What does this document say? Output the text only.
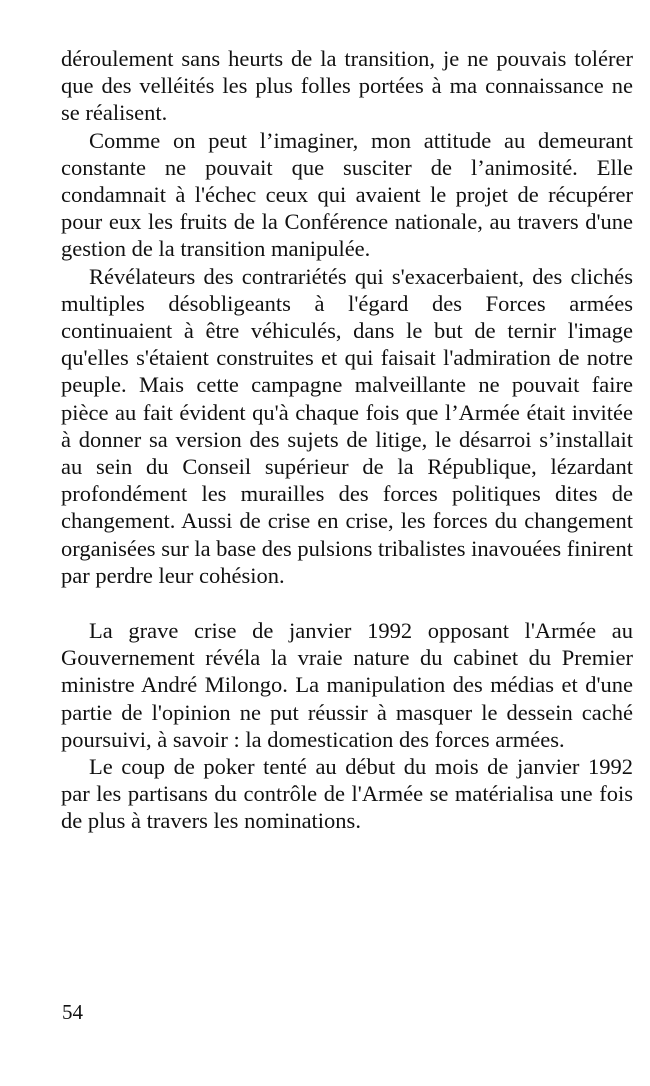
déroulement sans heurts de la transition, je ne pouvais tolérer que des velléités les plus folles portées à ma connaissance ne se réalisent.

Comme on peut l’imaginer, mon attitude au demeurant constante ne pouvait que susciter de l’animosité. Elle condamnait à l'échec ceux qui avaient le projet de récupérer pour eux les fruits de la Conférence nationale, au travers d'une gestion de la transition manipulée.

Révélateurs des contrariétés qui s'exacerbaient, des clichés multiples désobligeants à l'égard des Forces armées continuaient à être véhiculés, dans le but de ternir l'image qu'elles s'étaient construites et qui faisait l'admiration de notre peuple. Mais cette campagne malveillante ne pouvait faire pièce au fait évident qu'à chaque fois que l’Armée était invitée à donner sa version des sujets de litige, le désarroi s’installait au sein du Conseil supérieur de la République, lézardant profondément les murailles des forces politiques dites de changement. Aussi de crise en crise, les forces du changement organisées sur la base des pulsions tribalistes inavouées finirent par perdre leur cohésion.

La grave crise de janvier 1992 opposant l'Armée au Gouvernement révéla la vraie nature du cabinet du Premier ministre André Milongo. La manipulation des médias et d'une partie de l'opinion ne put réussir à masquer le dessein caché poursuivi, à savoir : la domestication des forces armées.

Le coup de poker tenté au début du mois de janvier 1992 par les partisans du contrôle de l'Armée se matérialisa une fois de plus à travers les nominations.

54
